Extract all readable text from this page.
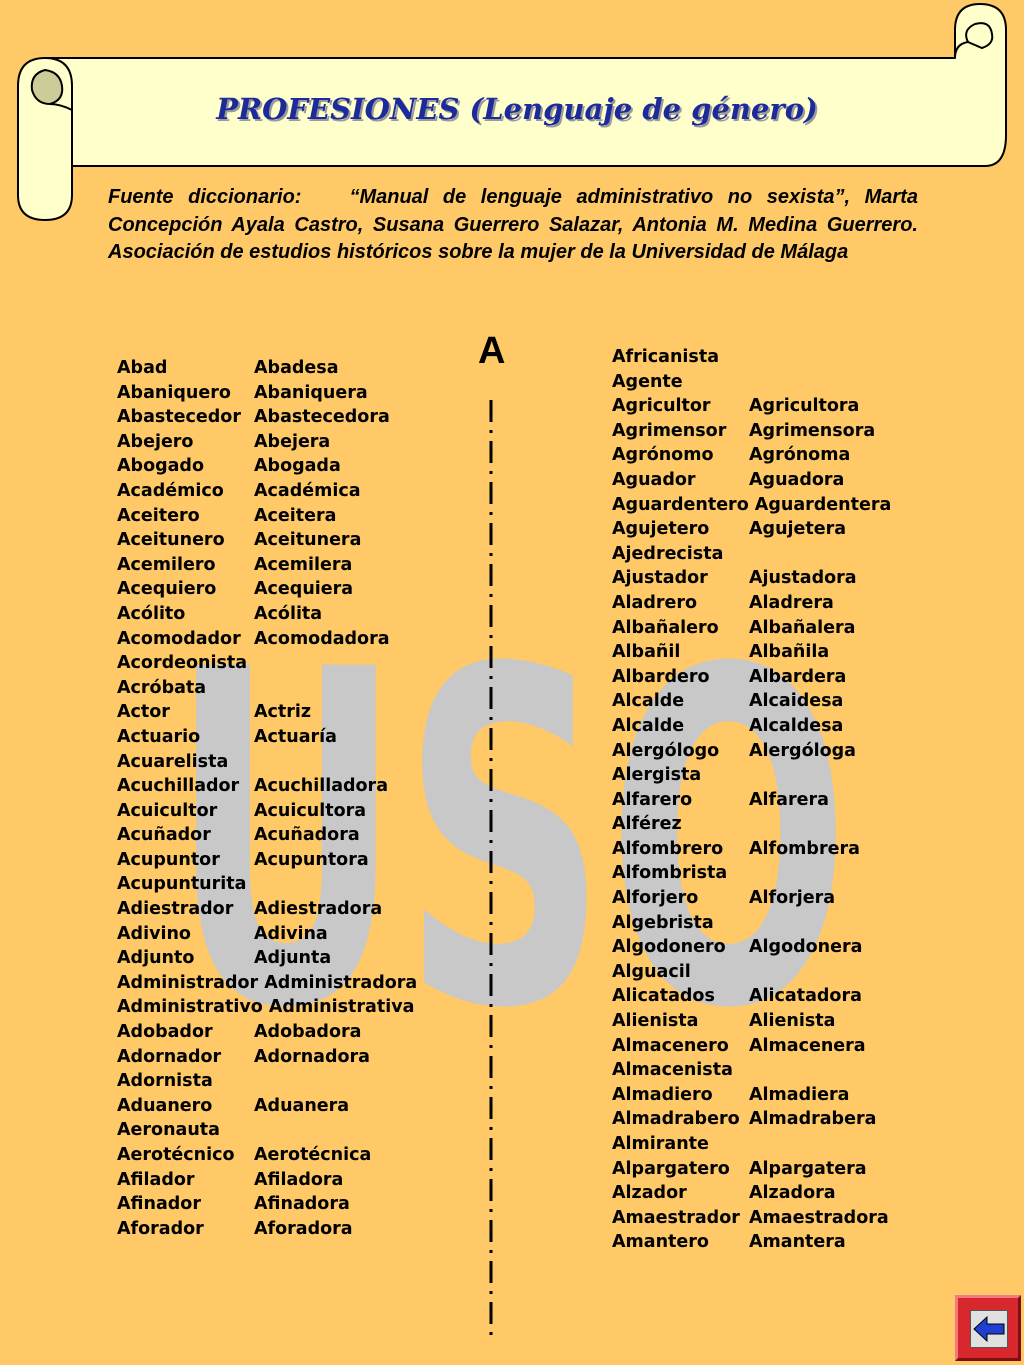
USO
PROFESIONES (Lenguaje de género)
Fuente diccionario: “Manual de lenguaje administrativo no sexista”, Marta Concepción Ayala Castro, Susana Guerrero Salazar, Antonia M. Medina Guerrero. Asociación de estudios históricos sobre la mujer de la Universidad de Málaga
A
Abad	Abadesa
Abaniquero Abaniquera
Abastecedor Abastecedora
Abejero	Abejera
Abogado	Abogada
Académico Académica
Aceitero	Aceitera
Aceitunero Aceitunera
Acemilero Acemilera
Acequiero Acequiera
Acólito	Acólita
Acomodador Acomodadora
Acordeonista
Acróbata
Actor	Actriz
Actuario	Actuaría
Acuarelista
Acuchillador Acuchilladora
Acuicultor Acuicultora
Acuñador Acuñadora
Acupuntor Acupuntora
Acupunturita
Adiestrador Adiestradora
Adivino	Adivina
Adjunto	Adjunta
Administrador Administradora
Administrativo Administrativa
Adobador Adobadora
Adornador Adornadora
Adornista
Aduanero Aduanera
Aeronauta
Aerotécnico Aerotécnica
Afilador	Afiladora
Afinador	Afinadora
Aforador	Aforadora
Africanista
Agente
Agricultor Agricultora
Agrimensor Agrimensora
Agrónomo Agrónoma
Aguador	Aguadora
Aguardentero Aguardentera
Agujetero Agujetera
Ajedrecista
Ajustador Ajustadora
Aladrero	Aladrera
Albañalero Albañalera
Albañil	Albañila
Albardero Albardera
Alcalde	Alcaidesa
Alcalde	Alcaldesa
Alergólogo Alergóloga
Alergista
Alfarero	Alfarera
Alférez
Alfombrero Alfombrera
Alfombrista
Alforjero	Alforjera
Algebrista
Algodonero Algodonera
Alguacil
Alicatados Alicatadora
Alienista	Alienista
Almacenero Almacenera
Almacenista
Almadiero Almadiera
Almadrabero Almadrabera
Almirante
Alpargatero Alpargatera
Alzador	Alzadora
Amaestrador Amaestradora
Amantero Amantera
